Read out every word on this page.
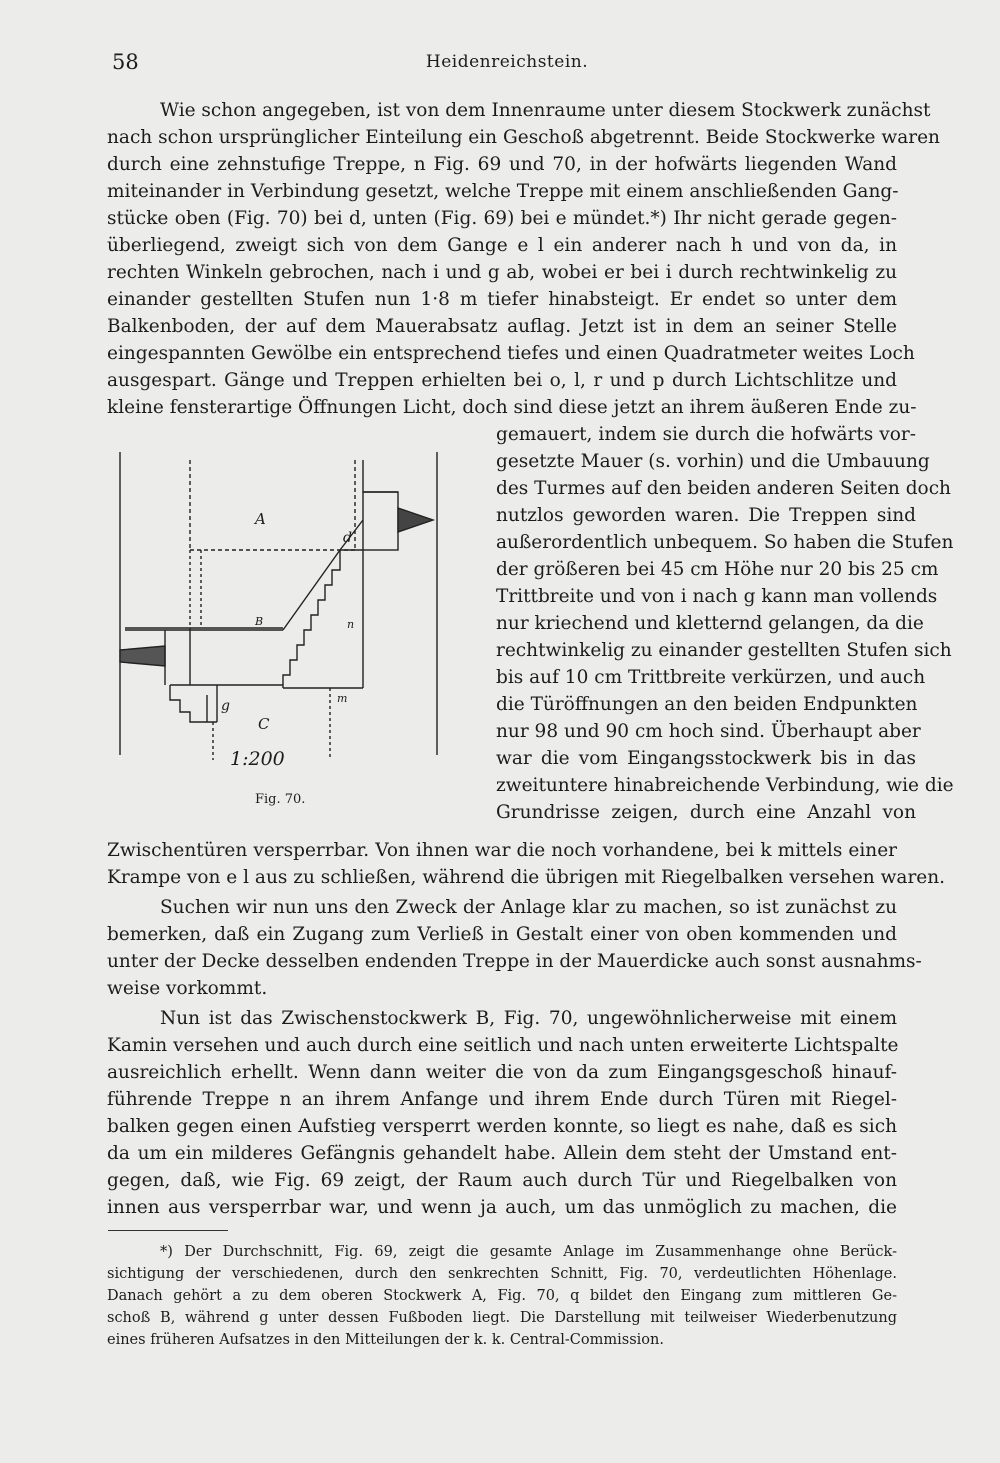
58	Heidenreichstein.
Wie schon angegeben, ist von dem Innenraume unter diesem Stockwerk zunächst
nach schon ursprünglicher Einteilung ein Geschoß abgetrennt. Beide Stockwerke waren
durch eine zehnstufige Treppe, n Fig. 69 und 70, in der hofwärts liegenden Wand
miteinander in Verbindung gesetzt, welche Treppe mit einem anschließenden Gang-
stücke oben (Fig. 70) bei d, unten (Fig. 69) bei e mündet.*) Ihr nicht gerade gegen-
überliegend, zweigt sich von dem Gange e l ein anderer nach h und von da, in
rechten Winkeln gebrochen, nach i und g ab, wobei er bei i durch rechtwinkelig zu
einander gestellten Stufen nun 1·8 m tiefer hinabsteigt. Er endet so unter dem
Balkenboden, der auf dem Mauerabsatz auflag. Jetzt ist in dem an seiner Stelle
eingespannten Gewölbe ein entsprechend tiefes und einen Quadratmeter weites Loch
ausgespart. Gänge und Treppen erhielten bei o, l, r und p durch Lichtschlitze und
kleine fensterartige Öffnungen Licht, doch sind diese jetzt an ihrem äußeren Ende zu-
gemauert, indem sie durch die hofwärts vor-
gesetzte Mauer (s. vorhin) und die Umbauung
des Turmes auf den beiden anderen Seiten doch
nutzlos geworden waren. Die Treppen sind
außerordentlich unbequem. So haben die Stufen
der größeren bei 45 cm Höhe nur 20 bis 25 cm
Trittbreite und von i nach g kann man vollends
nur kriechend und kletternd gelangen, da die
rechtwinkelig zu einander gestellten Stufen sich
bis auf 10 cm Trittbreite verkürzen, und auch
die Türöffnungen an den beiden Endpunkten
nur 98 und 90 cm hoch sind. Überhaupt aber
war die vom Eingangsstockwerk bis in das
zweituntere hinabreichende Verbindung, wie die
Grundrisse zeigen, durch eine Anzahl von
A
d
B	n
g	m
C
1:200
Fig. 70.
Zwischentüren versperrbar. Von ihnen war die noch vorhandene, bei k mittels einer
Krampe von e l aus zu schließen, während die übrigen mit Riegelbalken versehen waren.
Suchen wir nun uns den Zweck der Anlage klar zu machen, so ist zunächst zu
bemerken, daß ein Zugang zum Verließ in Gestalt einer von oben kommenden und
unter der Decke desselben endenden Treppe in der Mauerdicke auch sonst ausnahms-
weise vorkommt.
Nun ist das Zwischenstockwerk B, Fig. 70, ungewöhnlicherweise mit einem
Kamin versehen und auch durch eine seitlich und nach unten erweiterte Lichtspalte
ausreichlich erhellt. Wenn dann weiter die von da zum Eingangsgeschoß hinauf-
führende Treppe n an ihrem Anfange und ihrem Ende durch Türen mit Riegel-
balken gegen einen Aufstieg versperrt werden konnte, so liegt es nahe, daß es sich
da um ein milderes Gefängnis gehandelt habe. Allein dem steht der Umstand ent-
gegen, daß, wie Fig. 69 zeigt, der Raum auch durch Tür und Riegelbalken von
innen aus versperrbar war, und wenn ja auch, um das unmöglich zu machen, die
*) Der Durchschnitt, Fig. 69, zeigt die gesamte Anlage im Zusammenhange ohne Berück-
sichtigung der verschiedenen, durch den senkrechten Schnitt, Fig. 70, verdeutlichten Höhenlage.
Danach gehört a zu dem oberen Stockwerk A, Fig. 70, q bildet den Eingang zum mittleren Ge-
schoß B, während g unter dessen Fußboden liegt. Die Darstellung mit teilweiser Wiederbenutzung
eines früheren Aufsatzes in den Mitteilungen der k. k. Central-Commission.
